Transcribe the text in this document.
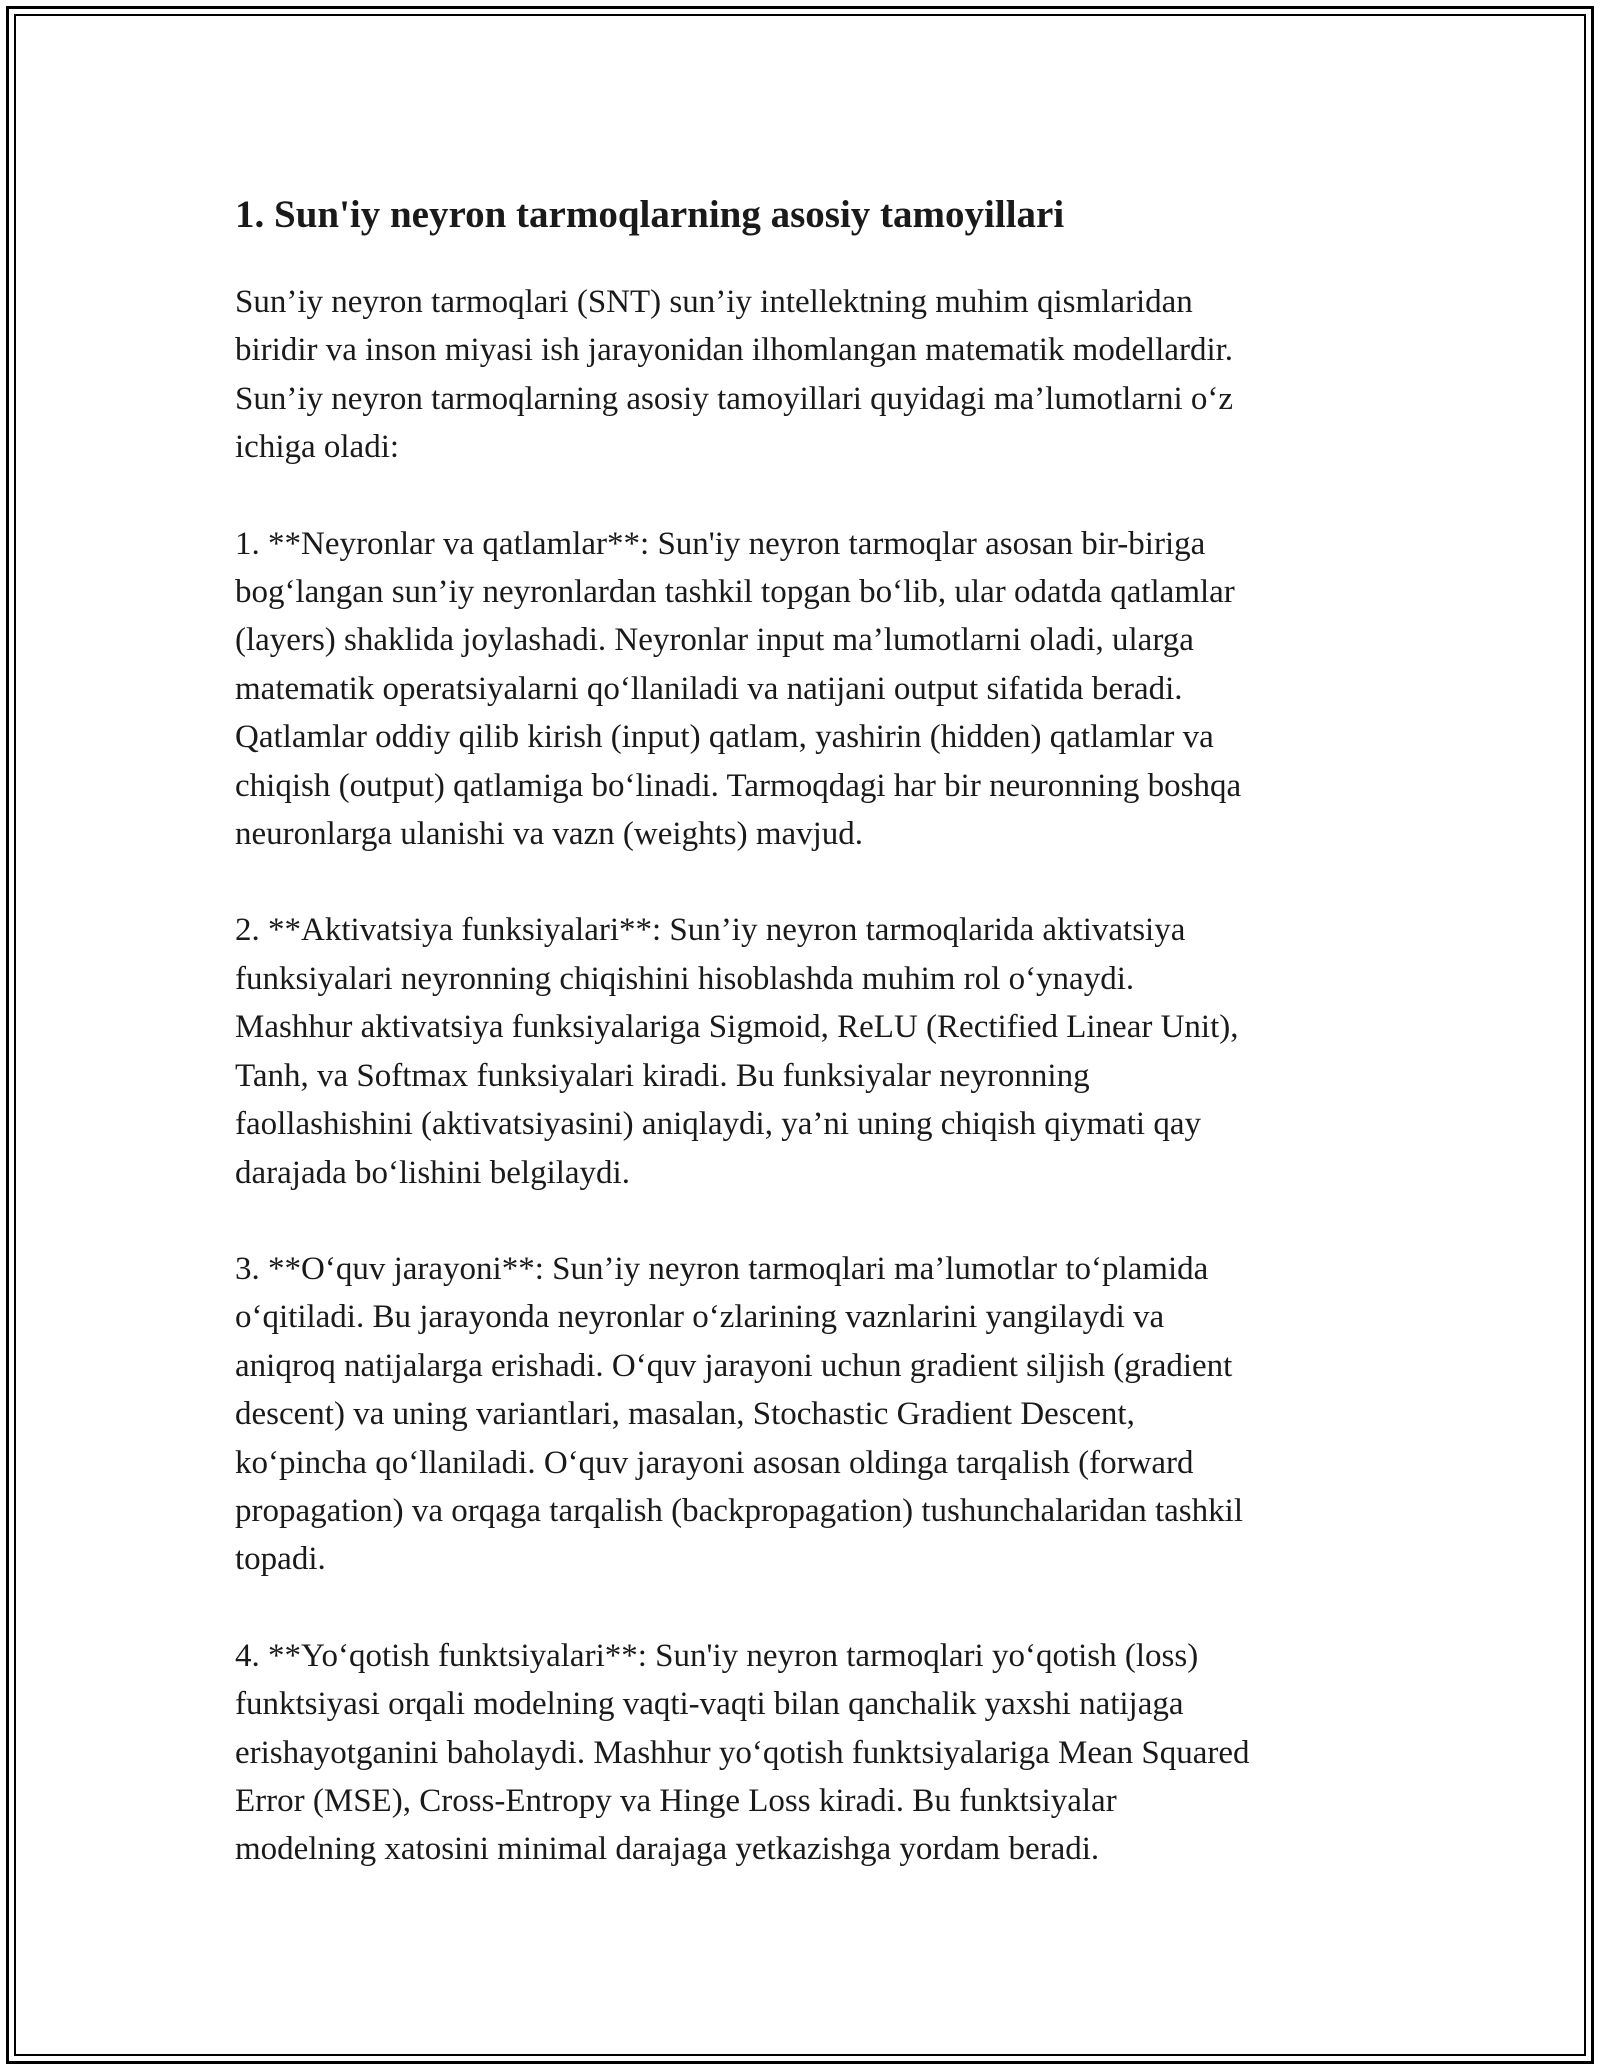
1. Sun'iy neyron tarmoqlarning asosiy tamoyillari

Sun’iy neyron tarmoqlari (SNT) sun’iy intellektning muhim qismlaridan
biridir va inson miyasi ish jarayonidan ilhomlangan matematik modellardir.
Sun’iy neyron tarmoqlarning asosiy tamoyillari quyidagi ma’lumotlarni oʻz
ichiga oladi:

1. **Neyronlar va qatlamlar**: Sun'iy neyron tarmoqlar asosan bir-biriga
bogʻlangan sun’iy neyronlardan tashkil topgan boʻlib, ular odatda qatlamlar
(layers) shaklida joylashadi. Neyronlar input ma’lumotlarni oladi, ularga
matematik operatsiyalarni qoʻllaniladi va natijani output sifatida beradi.
Qatlamlar oddiy qilib kirish (input) qatlam, yashirin (hidden) qatlamlar va
chiqish (output) qatlamiga boʻlinadi. Tarmoqdagi har bir neuronning boshqa
neuronlarga ulanishi va vazn (weights) mavjud.

2. **Aktivatsiya funksiyalari**: Sun’iy neyron tarmoqlarida aktivatsiya
funksiyalari neyronning chiqishini hisoblashda muhim rol oʻynaydi.
Mashhur aktivatsiya funksiyalariga Sigmoid, ReLU (Rectified Linear Unit),
Tanh, va Softmax funksiyalari kiradi. Bu funksiyalar neyronning
faollashishini (aktivatsiyasini) aniqlaydi, ya’ni uning chiqish qiymati qay
darajada boʻlishini belgilaydi.

3. **Oʻquv jarayoni**: Sun’iy neyron tarmoqlari ma’lumotlar toʻplamida
oʻqitiladi. Bu jarayonda neyronlar oʻzlarining vaznlarini yangilaydi va
aniqroq natijalarga erishadi. Oʻquv jarayoni uchun gradient siljish (gradient
descent) va uning variantlari, masalan, Stochastic Gradient Descent,
koʻpincha qoʻllaniladi. Oʻquv jarayoni asosan oldinga tarqalish (forward
propagation) va orqaga tarqalish (backpropagation) tushunchalaridan tashkil
topadi.

4. **Yoʻqotish funktsiyalari**: Sun'iy neyron tarmoqlari yoʻqotish (loss)
funktsiyasi orqali modelning vaqti-vaqti bilan qanchalik yaxshi natijaga
erishayotganini baholaydi. Mashhur yoʻqotish funktsiyalariga Mean Squared
Error (MSE), Cross-Entropy va Hinge Loss kiradi. Bu funktsiyalar
modelning xatosini minimal darajaga yetkazishga yordam beradi.
